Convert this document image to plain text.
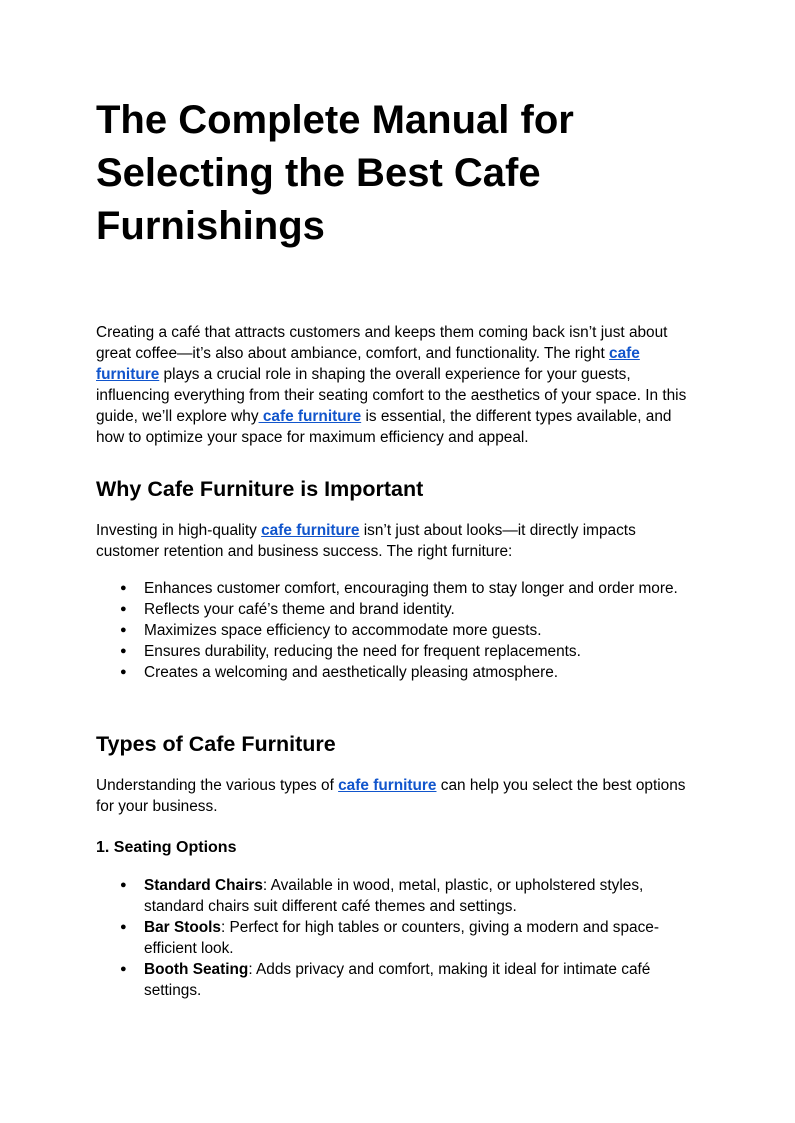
The Complete Manual for Selecting the Best Cafe Furnishings

Creating a café that attracts customers and keeps them coming back isn’t just about great coffee—it’s also about ambiance, comfort, and functionality. The right cafe furniture plays a crucial role in shaping the overall experience for your guests, influencing everything from their seating comfort to the aesthetics of your space. In this guide, we’ll explore why cafe furniture is essential, the different types available, and how to optimize your space for maximum efficiency and appeal.

Why Cafe Furniture is Important

Investing in high-quality cafe furniture isn’t just about looks—it directly impacts customer retention and business success. The right furniture:

● Enhances customer comfort, encouraging them to stay longer and order more.
● Reflects your café’s theme and brand identity.
● Maximizes space efficiency to accommodate more guests.
● Ensures durability, reducing the need for frequent replacements.
● Creates a welcoming and aesthetically pleasing atmosphere.
Types of Cafe Furniture

Understanding the various types of cafe furniture can help you select the best options for your business.

1. Seating Options
● Standard Chairs: Available in wood, metal, plastic, or upholstered styles, standard chairs suit different café themes and settings.
● Bar Stools: Perfect for high tables or counters, giving a modern and space-efficient look.
● Booth Seating: Adds privacy and comfort, making it ideal for intimate café settings.
